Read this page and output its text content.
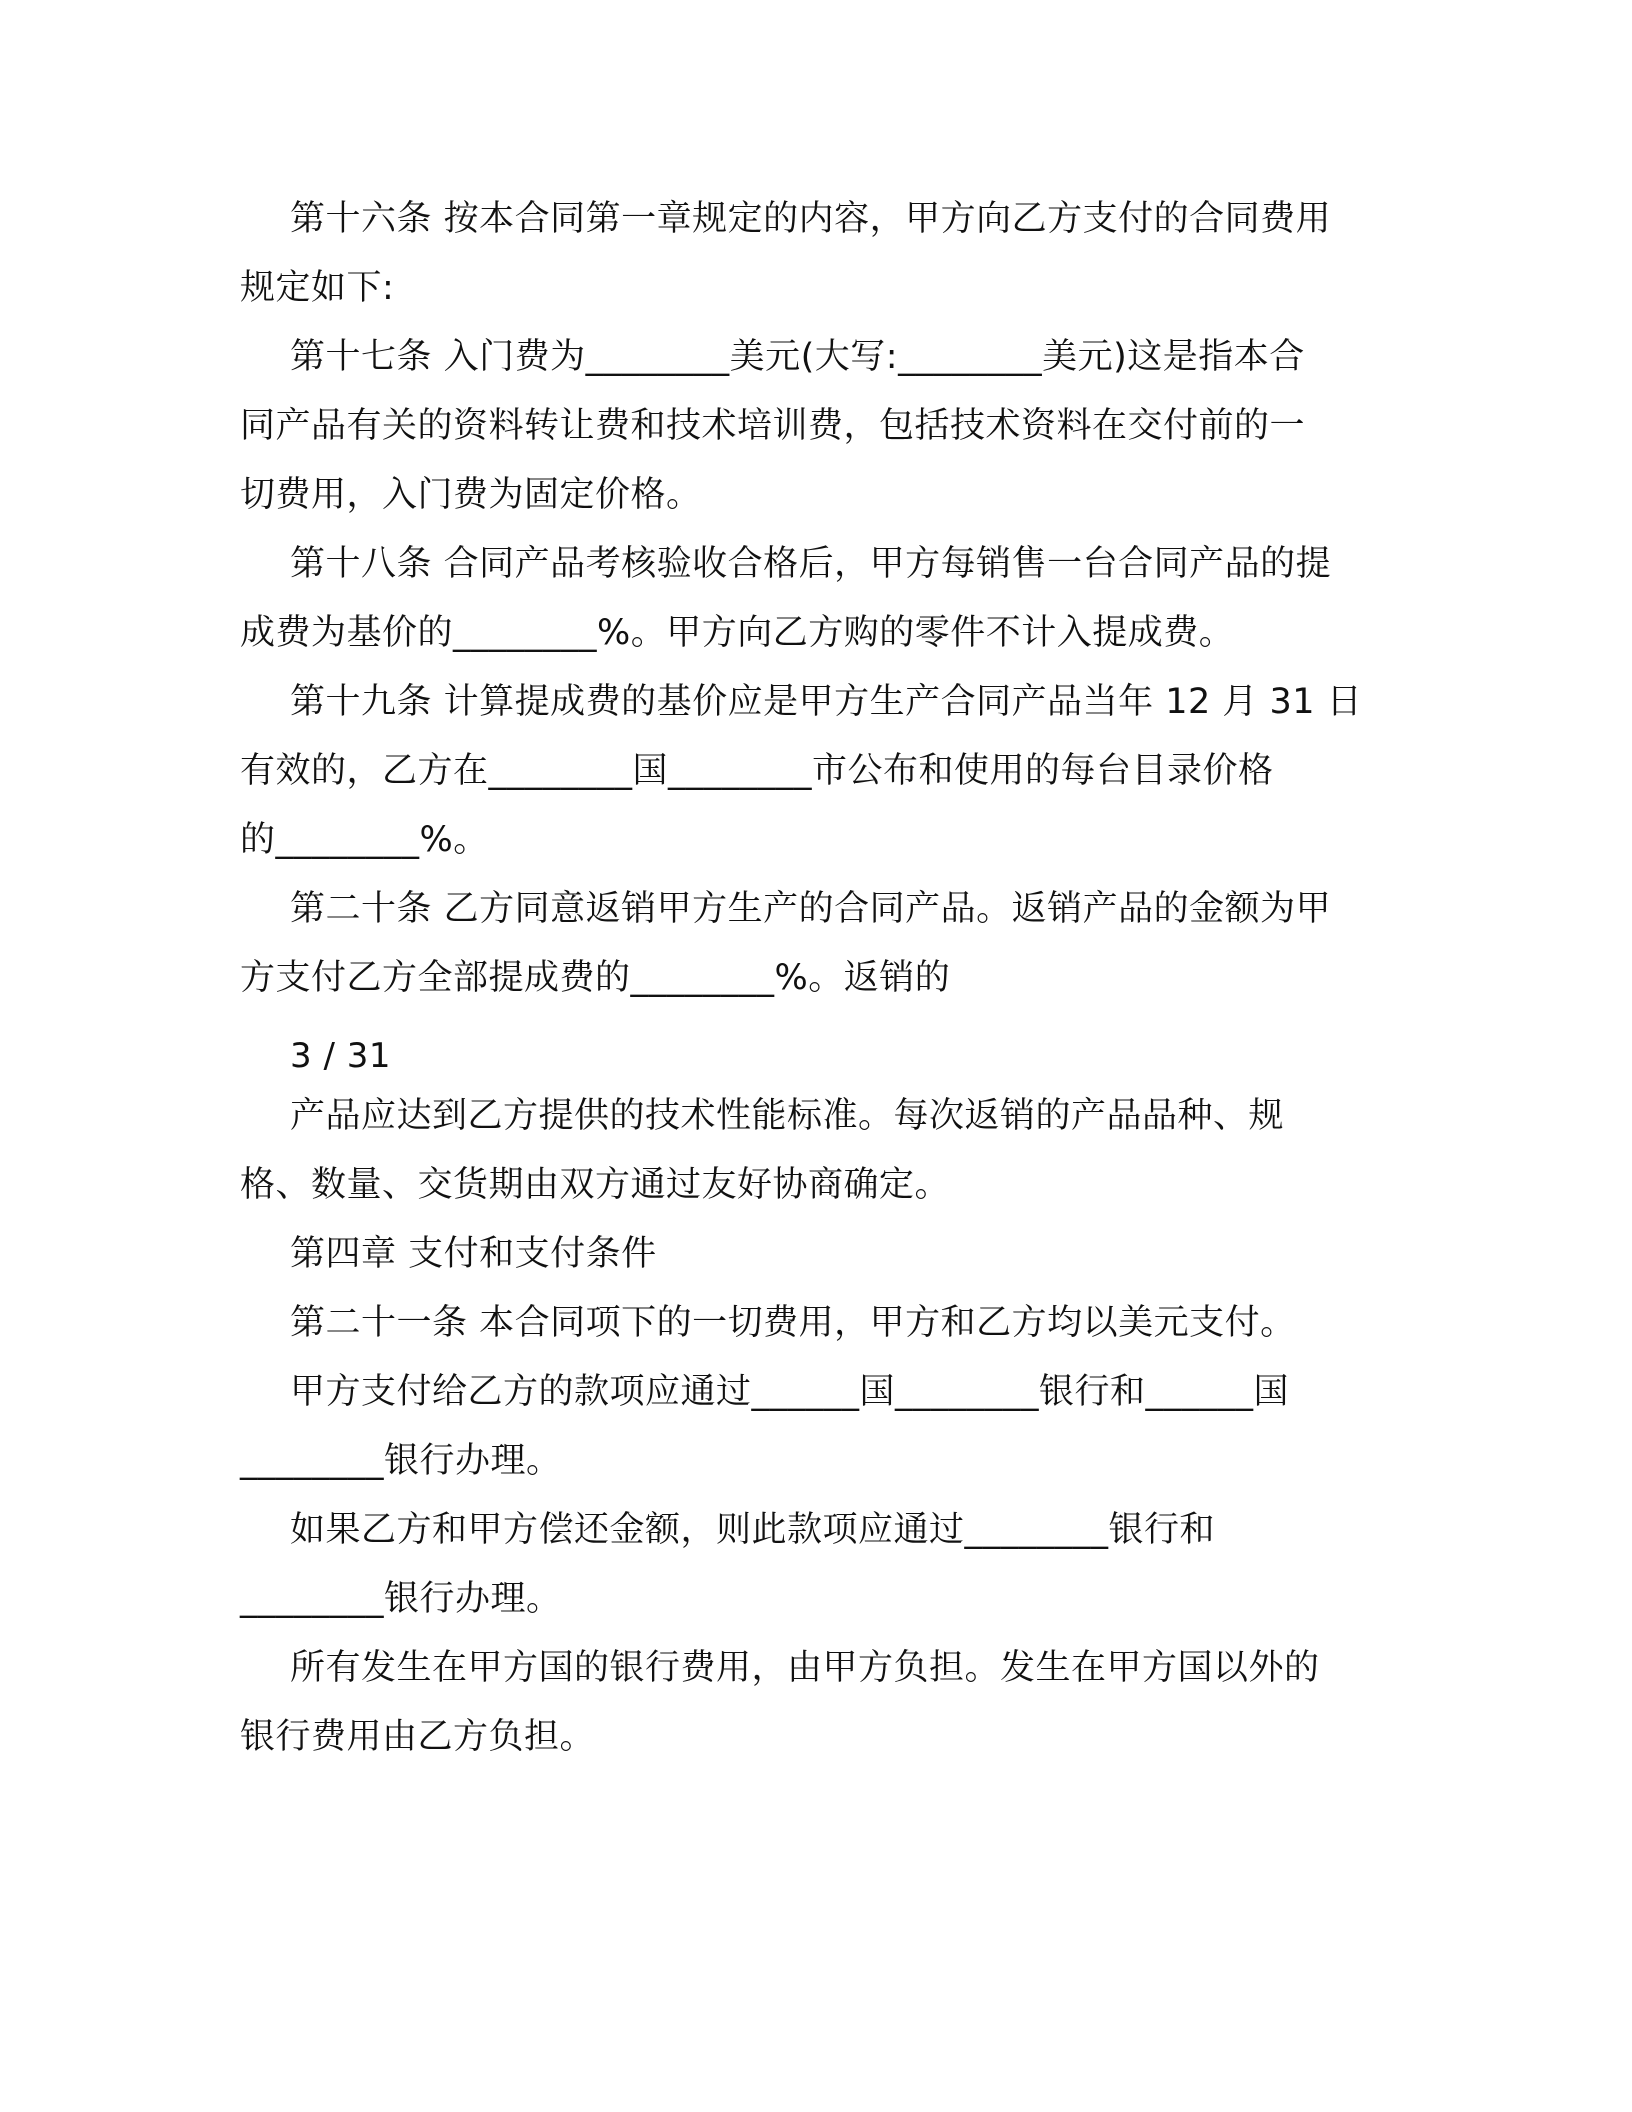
第十六条 按本合同第一章规定的内容，甲方向乙方支付的合同费用
规定如下:
第十七条 入门费为________美元(大写:________美元)这是指本合
同产品有关的资料转让费和技术培训费，包括技术资料在交付前的一
切费用，入门费为固定价格。
第十八条 合同产品考核验收合格后，甲方每销售一台合同产品的提
成费为基价的________%。甲方向乙方购的零件不计入提成费。
第十九条 计算提成费的基价应是甲方生产合同产品当年 12 月 31 日
有效的，乙方在________国________市公布和使用的每台目录价格
的________%。
第二十条 乙方同意返销甲方生产的合同产品。返销产品的金额为甲
方支付乙方全部提成费的________%。返销的
3 / 31
产品应达到乙方提供的技术性能标准。每次返销的产品品种、规
格、数量、交货期由双方通过友好协商确定。
第四章 支付和支付条件
第二十一条 本合同项下的一切费用，甲方和乙方均以美元支付。
甲方支付给乙方的款项应通过______国________银行和______国
________银行办理。
如果乙方和甲方偿还金额，则此款项应通过________银行和
________银行办理。
所有发生在甲方国的银行费用，由甲方负担。发生在甲方国以外的
银行费用由乙方负担。
